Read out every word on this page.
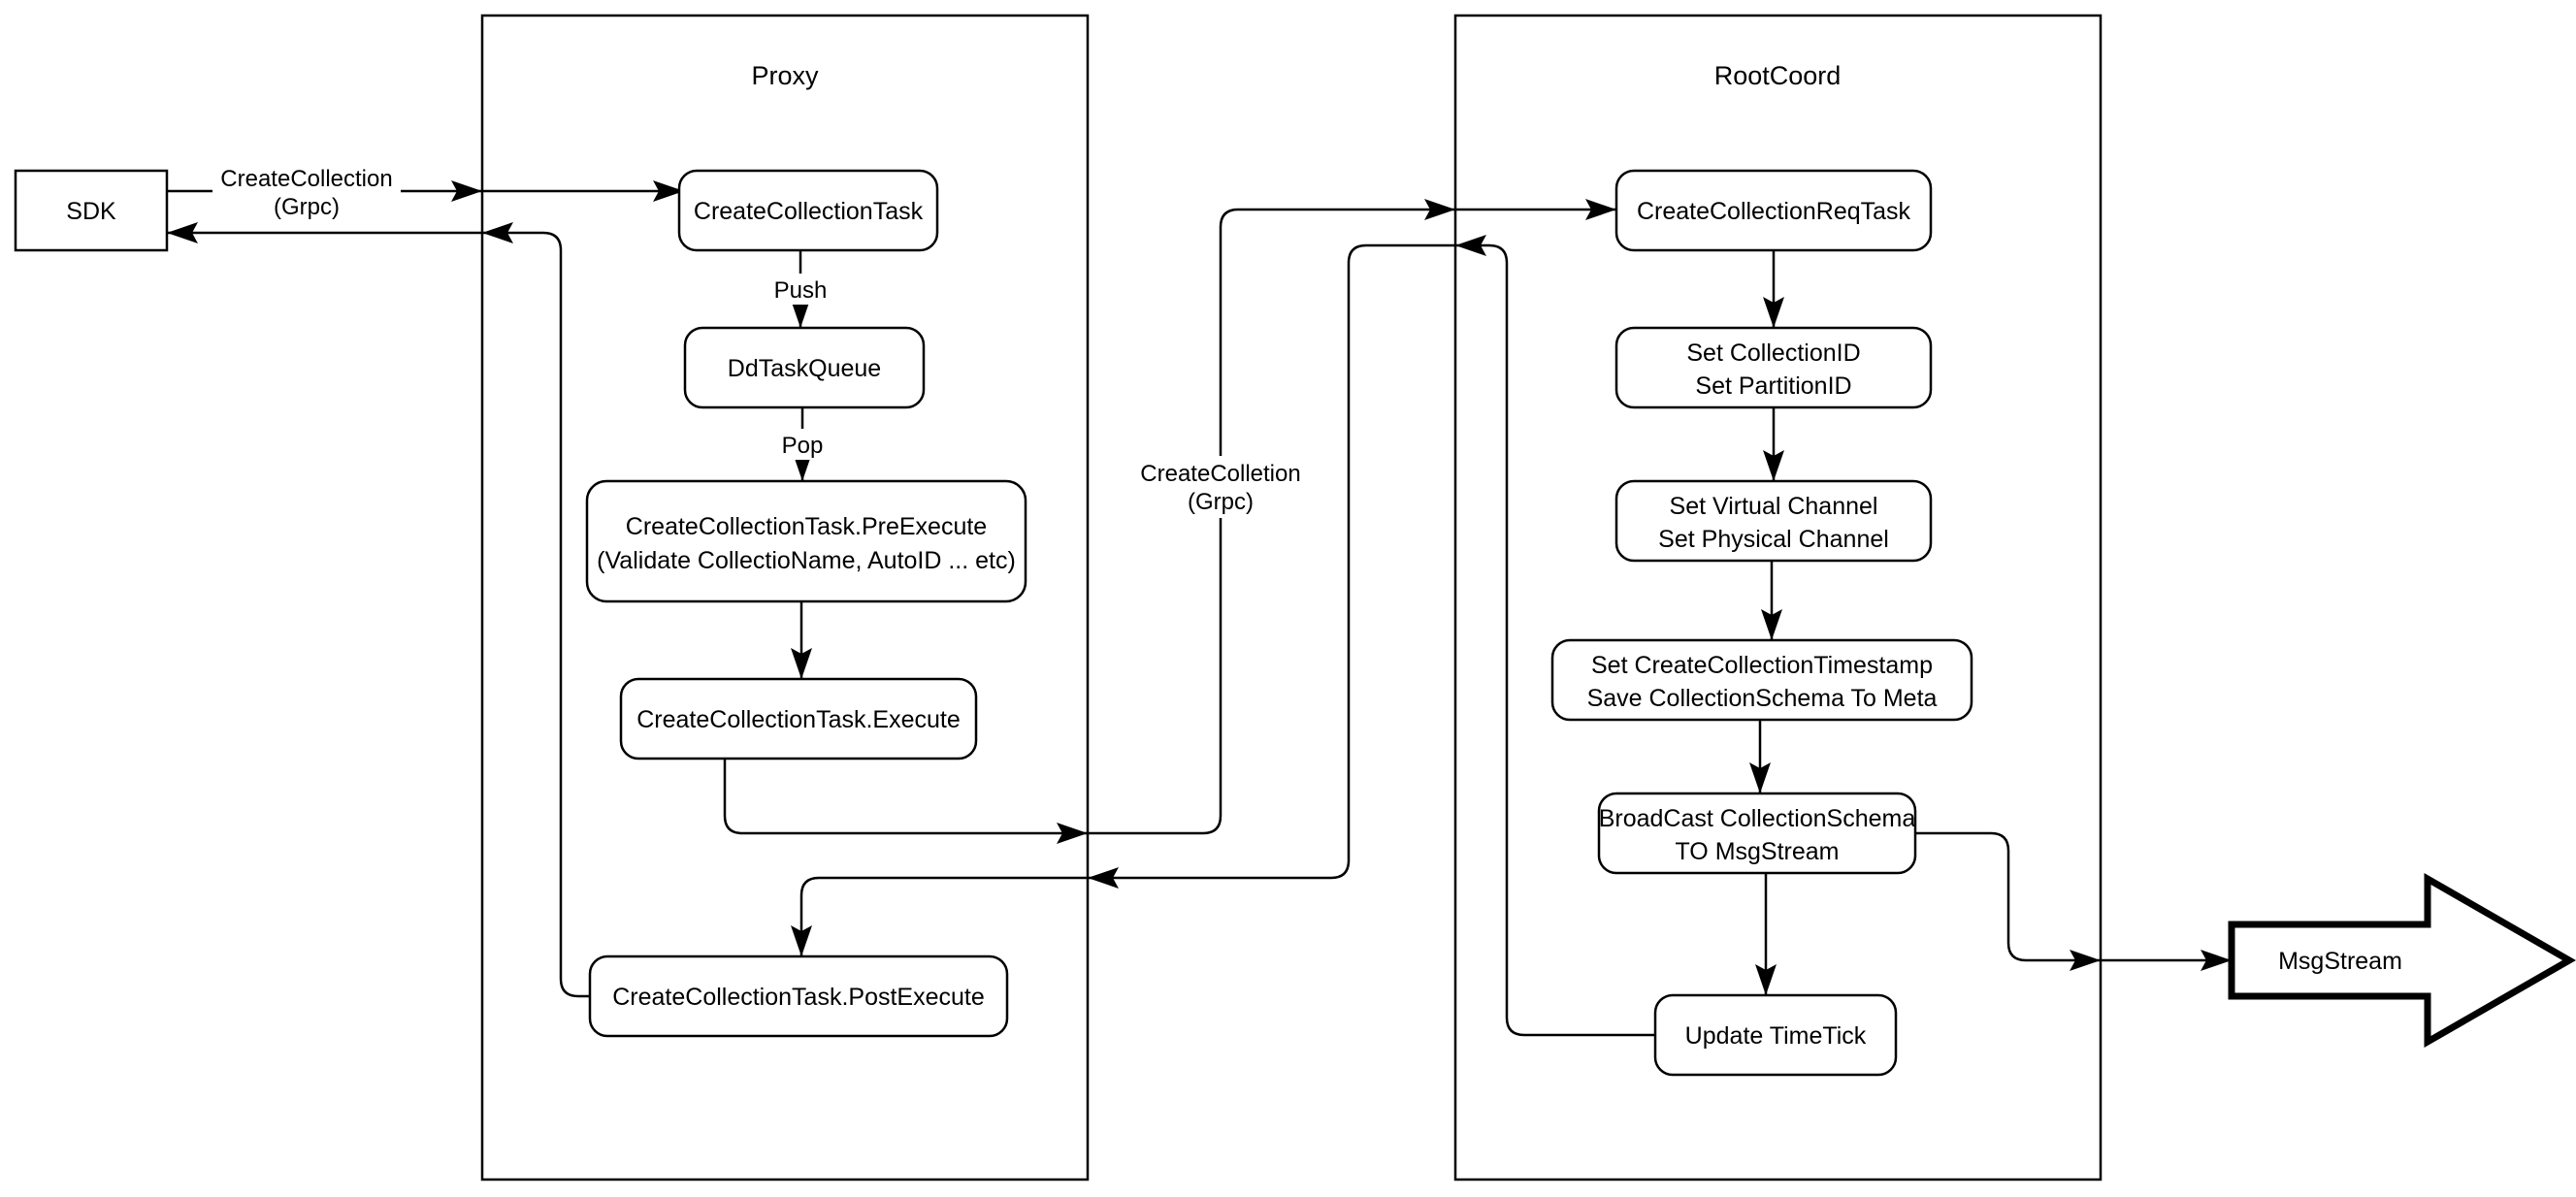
Proxy	RootCoord
CreateCollection
(Grpc)
Push
Pop
CreateColletion
(Grpc)
SDK	CreateCollectionTask
DdTaskQueue
CreateCollectionTask.PreExecute
(Validate CollectioName, AutoID ... etc)
CreateCollectionTask.Execute
CreateCollectionTask.PostExecute
CreateCollectionReqTask
Set CollectionID
Set PartitionID
Set Virtual Channel
Set Physical Channel
Set CreateCollectionTimestamp
Save CollectionSchema To Meta
BroadCast CollectionSchema
TO MsgStream
Update TimeTick
MsgStream
